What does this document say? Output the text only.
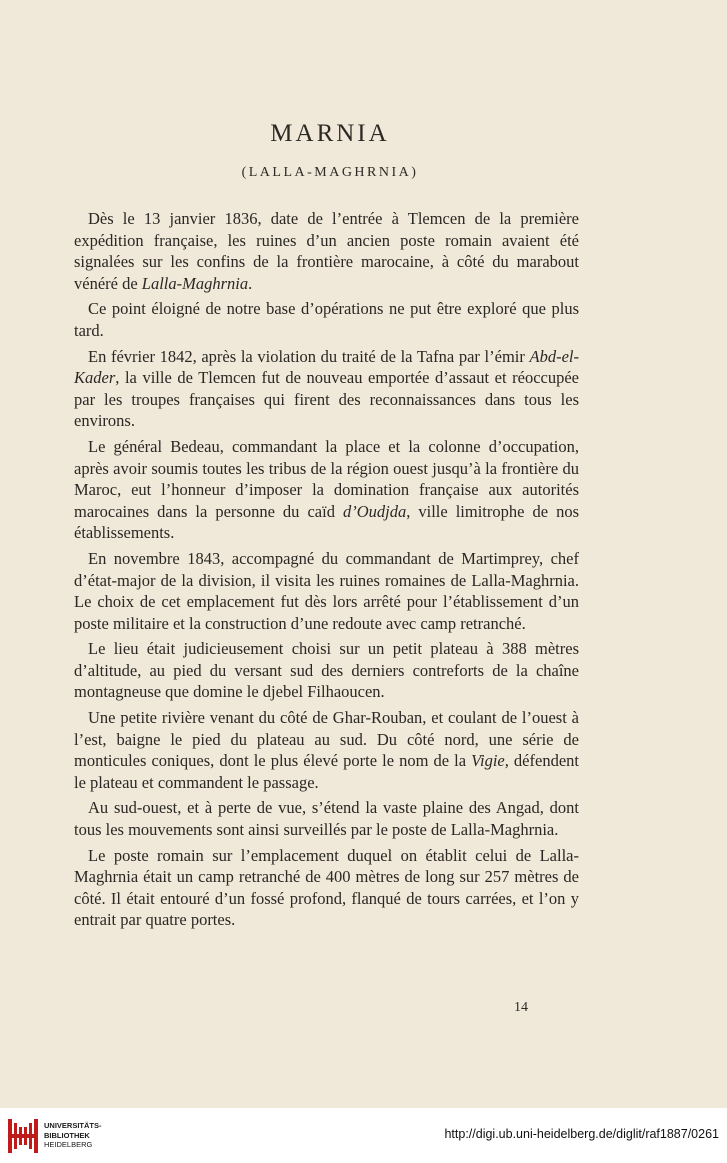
MARNIA
(LALLA-MAGHRNIA)

Dès le 13 janvier 1836, date de l’entrée à Tlemcen de la première expédition française, les ruines d’un ancien poste romain avaient été signalées sur les confins de la frontière marocaine, à côté du marabout vénéré de Lalla-Maghrnia.

Ce point éloigné de notre base d’opérations ne put être exploré que plus tard.

En février 1842, après la violation du traité de la Tafna par l’émir Abd-el-Kader, la ville de Tlemcen fut de nouveau emportée d’assaut et réoccupée par les troupes françaises qui firent des reconnaissances dans tous les environs.

Le général Bedeau, commandant la place et la colonne d’occupation, après avoir soumis toutes les tribus de la région ouest jusqu’à la frontière du Maroc, eut l’honneur d’imposer la domination française aux autorités marocaines dans la personne du caïd d’Oudjda, ville limitrophe de nos établissements.

En novembre 1843, accompagné du commandant de Martimprey, chef d’état-major de la division, il visita les ruines romaines de Lalla-Maghrnia. Le choix de cet emplacement fut dès lors arrêté pour l’établissement d’un poste militaire et la construction d’une redoute avec camp retranché.

Le lieu était judicieusement choisi sur un petit plateau à 388 mètres d’altitude, au pied du versant sud des derniers contreforts de la chaîne montagneuse que domine le djebel Filhaoucen.

Une petite rivière venant du côté de Ghar-Rouban, et coulant de l’ouest à l’est, baigne le pied du plateau au sud. Du côté nord, une série de monticules coniques, dont le plus élevé porte le nom de la Vigie, défendent le plateau et commandent le passage.

Au sud-ouest, et à perte de vue, s’étend la vaste plaine des Angad, dont tous les mouvements sont ainsi surveillés par le poste de Lalla-Maghrnia.

Le poste romain sur l’emplacement duquel on établit celui de Lalla-Maghrnia était un camp retranché de 400 mètres de long sur 257 mètres de côté. Il était entouré d’un fossé profond, flanqué de tours carrées, et l’on y entrait par quatre portes.

14
UNIVERSITÄTS-
BIBLIOTHEK
HEIDELBERG
http://digi.ub.uni-heidelberg.de/diglit/raf1887/0261
